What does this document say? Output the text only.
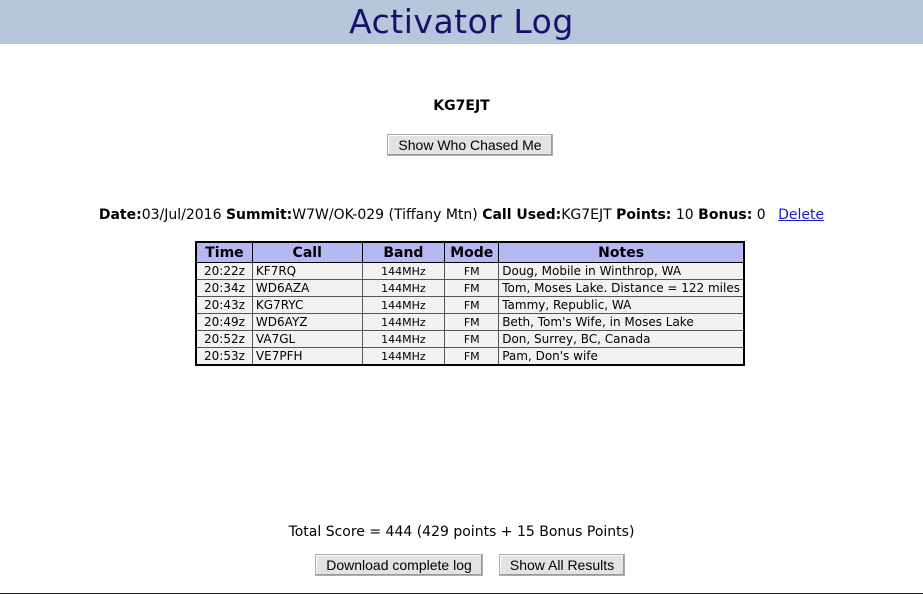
Activator Log
KG7EJT
Show Who Chased Me
Date:03/Jul/2016 Summit:W7W/OK-029 (Tiffany Mtn) Call Used:KG7EJT Points: 10 Bonus: 0 Delete
Time	Call	Band	Mode	Notes
20:22z	KF7RQ	144MHz	FM	Doug, Mobile in Winthrop, WA
20:34z	WD6AZA	144MHz	FM	Tom, Moses Lake. Distance = 122 miles
20:43z	KG7RYC	144MHz	FM	Tammy, Republic, WA
20:49z	WD6AYZ	144MHz	FM	Beth, Tom's Wife, in Moses Lake
20:52z	VA7GL	144MHz	FM	Don, Surrey, BC, Canada
20:53z	VE7PFH	144MHz	FM	Pam, Don's wife
Total Score = 444 (429 points + 15 Bonus Points)
Download complete log	Show All Results
